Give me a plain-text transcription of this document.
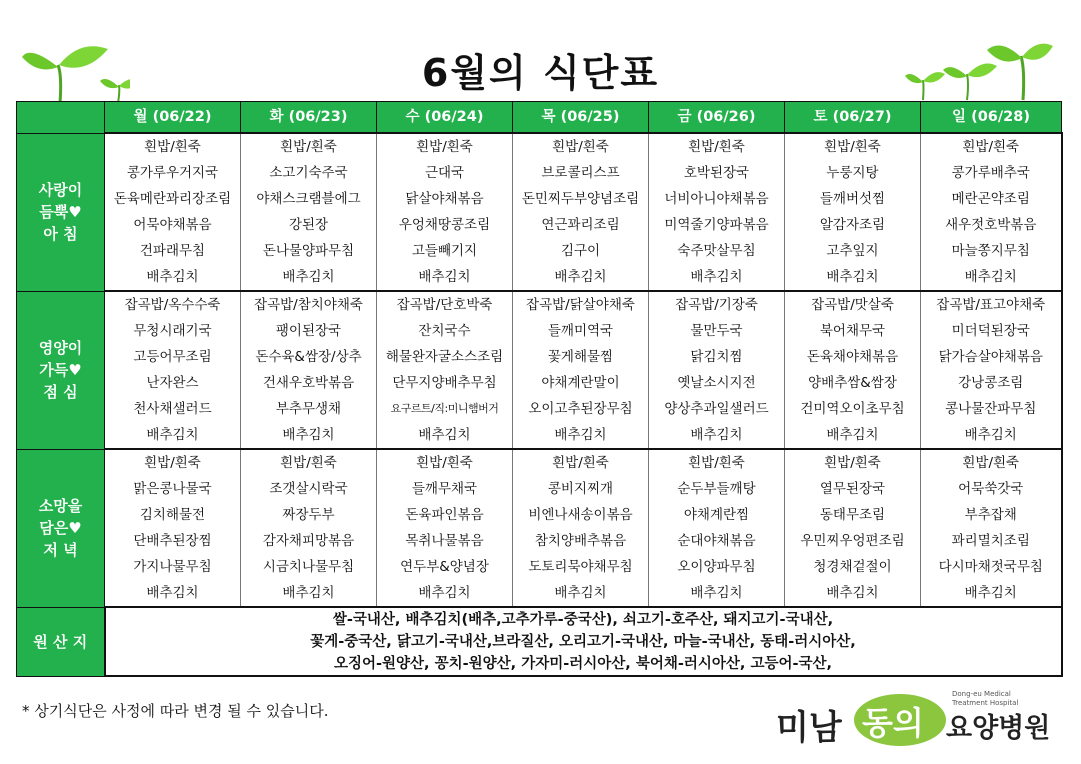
6월의 식단표
	월 (06/22)	화 (06/23)	수 (06/24)	목 (06/25)	금 (06/26)	토 (06/27)	일 (06/28)

사랑이
듬뿍♥
아 침	흰밥/흰죽	흰밥/흰죽	흰밥/흰죽	흰밥/흰죽	흰밥/흰죽	흰밥/흰죽	흰밥/흰죽
	콩가루우거지국	소고기숙주국	근대국	브로콜리스프	호박된장국	누룽지탕	콩가루배추국
	돈육메란꽈리장조림	야채스크램블에그	닭살야채볶음	돈민찌두부양념조림	너비아니야채볶음	들깨버섯찜	메란곤약조림
	어묵야채볶음	강된장	우엉채땅콩조림	연근꽈리조림	미역줄기양파볶음	알감자조림	새우젓호박볶음
	건파래무침	돈나물양파무침	고들빼기지	김구이	숙주맛살무침	고추잎지	마늘쫑지무침
	배추김치	배추김치	배추김치	배추김치	배추김치	배추김치	배추김치

영양이
가득♥
점 심	잡곡밥/옥수수죽	잡곡밥/참치야채죽	잡곡밥/단호박죽	잡곡밥/닭살야채죽	잡곡밥/기장죽	잡곡밥/맛살죽	잡곡밥/표고야채죽
	무청시래기국	팽이된장국	잔치국수	들깨미역국	물만두국	북어채무국	미더덕된장국
	고등어무조림	돈수육&쌈장/상추	해물완자굴소스조림	꽃게해물찜	닭김치찜	돈육채야채볶음	닭가슴살야채볶음
	난자완스	건새우호박볶음	단무지양배추무침	야채계란말이	옛날소시지전	양배추쌈&쌈장	강낭콩조림
	천사채샐러드	부추무생채	요구르트/직:미니햄버거	오이고추된장무침	양상추과일샐러드	건미역오이초무침	콩나물잔파무침
	배추김치	배추김치	배추김치	배추김치	배추김치	배추김치	배추김치

소망을
담은♥
저 녁	흰밥/흰죽	흰밥/흰죽	흰밥/흰죽	흰밥/흰죽	흰밥/흰죽	흰밥/흰죽	흰밥/흰죽
	맑은콩나물국	조갯살시락국	들깨무채국	콩비지찌개	순두부들깨탕	열무된장국	어묵쑥갓국
	김치해물전	짜장두부	돈육파인볶음	비엔나새송이볶음	야채계란찜	동태무조림	부추잡채
	단배추된장찜	감자채피망볶음	목취나물볶음	참치양배추볶음	순대야채볶음	우민찌우엉편조림	꽈리멸치조림
	가지나물무침	시금치나물무침	연두부&양념장	도토리묵야채무침	오이양파무침	청경채겉절이	다시마채젓국무침
	배추김치	배추김치	배추김치	배추김치	배추김치	배추김치	배추김치
원 산 지	쌀-국내산, 배추김치(배추,고추가루-중국산), 쇠고기-호주산, 돼지고기-국내산,
꽃게-중국산, 닭고기-국내산,브라질산, 오리고기-국내산, 마늘-국내산, 동태-러시아산,
오징어-원양산, 꽁치-원양산, 가자미-러시아산, 북어채-러시아산, 고등어-국산,						
* 상기식단은 사정에 따라 변경 될 수 있습니다.	미남 동의
Dong-eu Medical
Treatment Hospital
요양병원
